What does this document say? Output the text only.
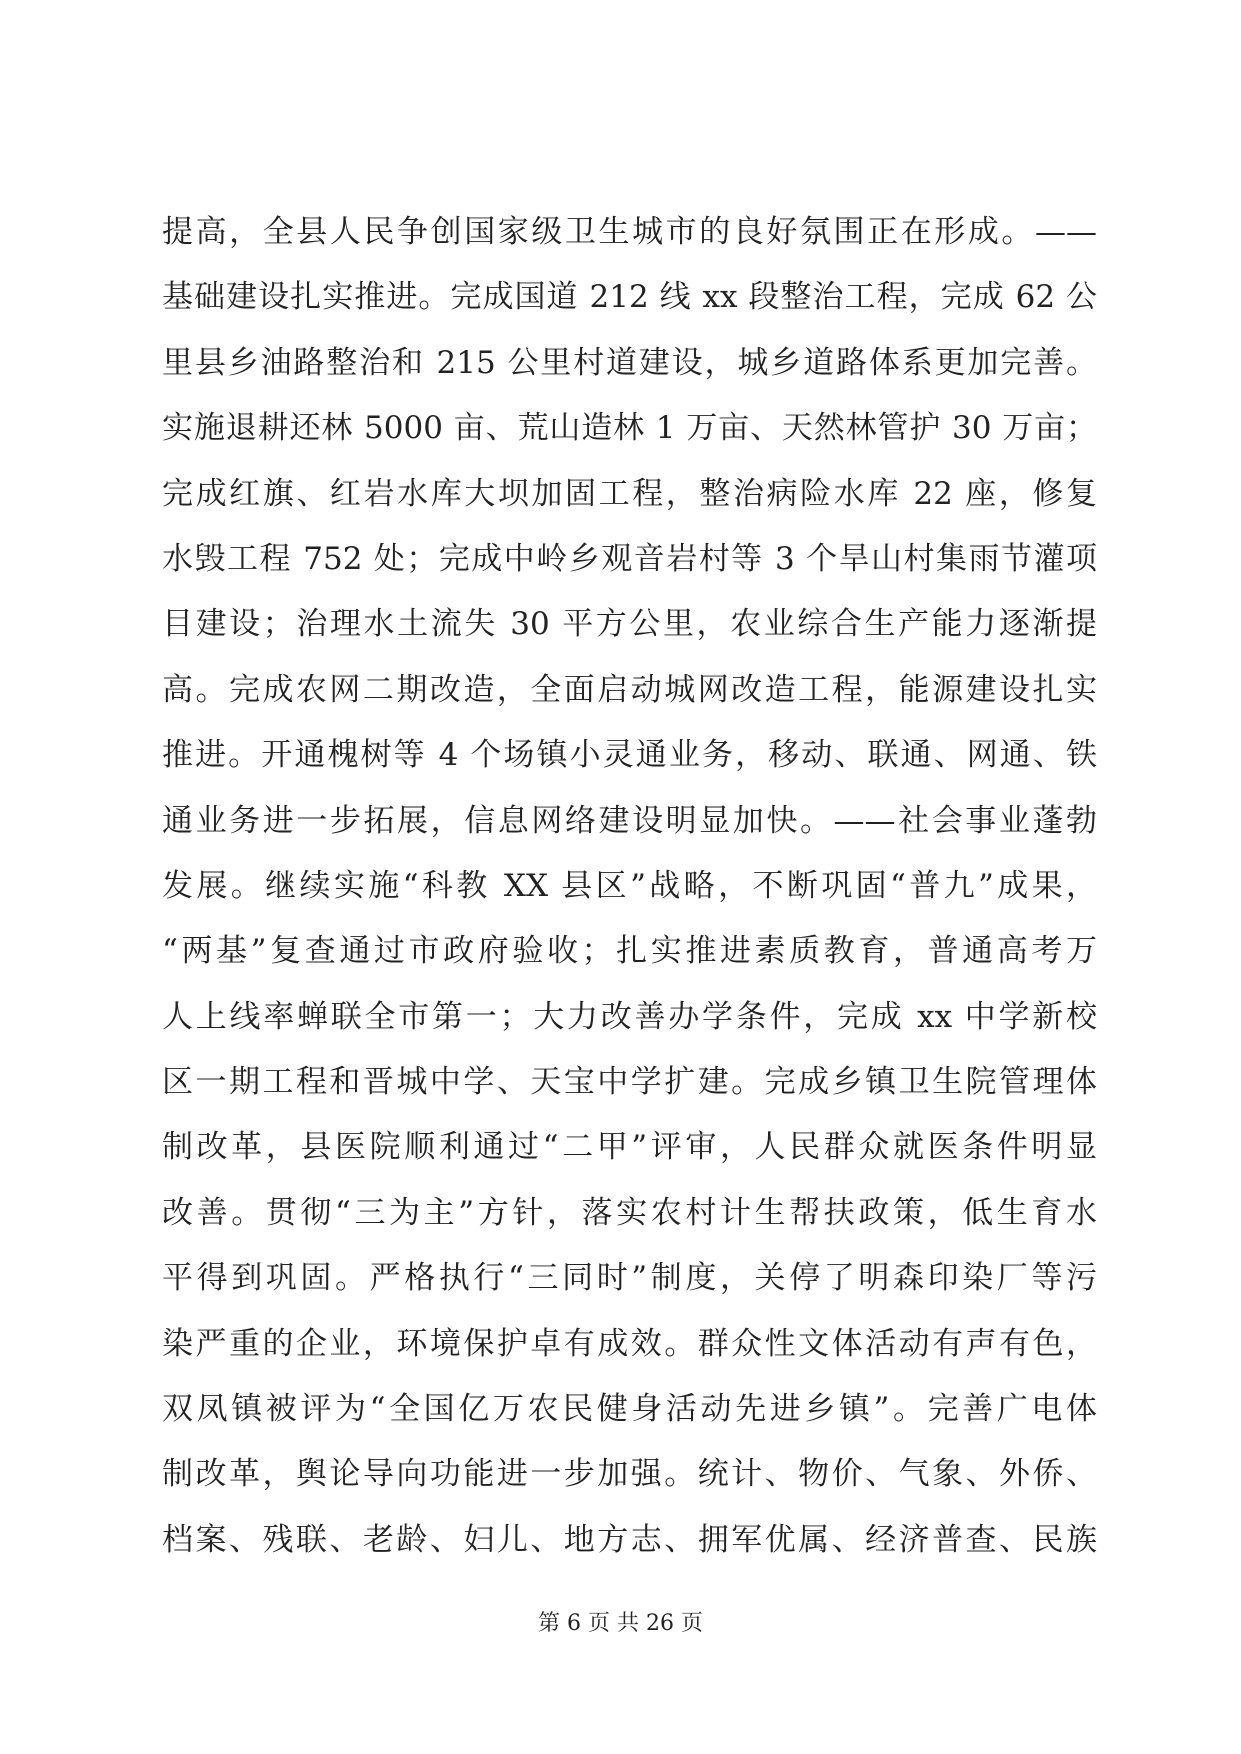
提高，全县人民争创国家级卫生城市的良好氛围正在形成。——
基础建设扎实推进。完成国道 212 线 xx 段整治工程，完成 62 公
里县乡油路整治和 215 公里村道建设，城乡道路体系更加完善。
实施退耕还林 5000 亩、荒山造林 1 万亩、天然林管护 30 万亩；
完成红旗、红岩水库大坝加固工程，整治病险水库 22 座，修复
水毁工程 752 处；完成中岭乡观音岩村等 3 个旱山村集雨节灌项
目建设；治理水土流失 30 平方公里，农业综合生产能力逐渐提
高。完成农网二期改造，全面启动城网改造工程，能源建设扎实
推进。开通槐树等 4 个场镇小灵通业务，移动、联通、网通、铁
通业务进一步拓展，信息网络建设明显加快。——社会事业蓬勃
发展。继续实施“科教 XX 县区”战略，不断巩固“普九”成果，
“两基”复查通过市政府验收；扎实推进素质教育，普通高考万
人上线率蝉联全市第一；大力改善办学条件，完成 xx 中学新校
区一期工程和晋城中学、天宝中学扩建。完成乡镇卫生院管理体
制改革，县医院顺利通过“二甲”评审，人民群众就医条件明显
改善。贯彻“三为主”方针，落实农村计生帮扶政策，低生育水
平得到巩固。严格执行“三同时”制度，关停了明森印染厂等污
染严重的企业，环境保护卓有成效。群众性文体活动有声有色，
双凤镇被评为“全国亿万农民健身活动先进乡镇”。完善广电体
制改革，舆论导向功能进一步加强。统计、物价、气象、外侨、
档案、残联、老龄、妇儿、地方志、拥军优属、经济普查、民族
第 6 页 共 26 页
